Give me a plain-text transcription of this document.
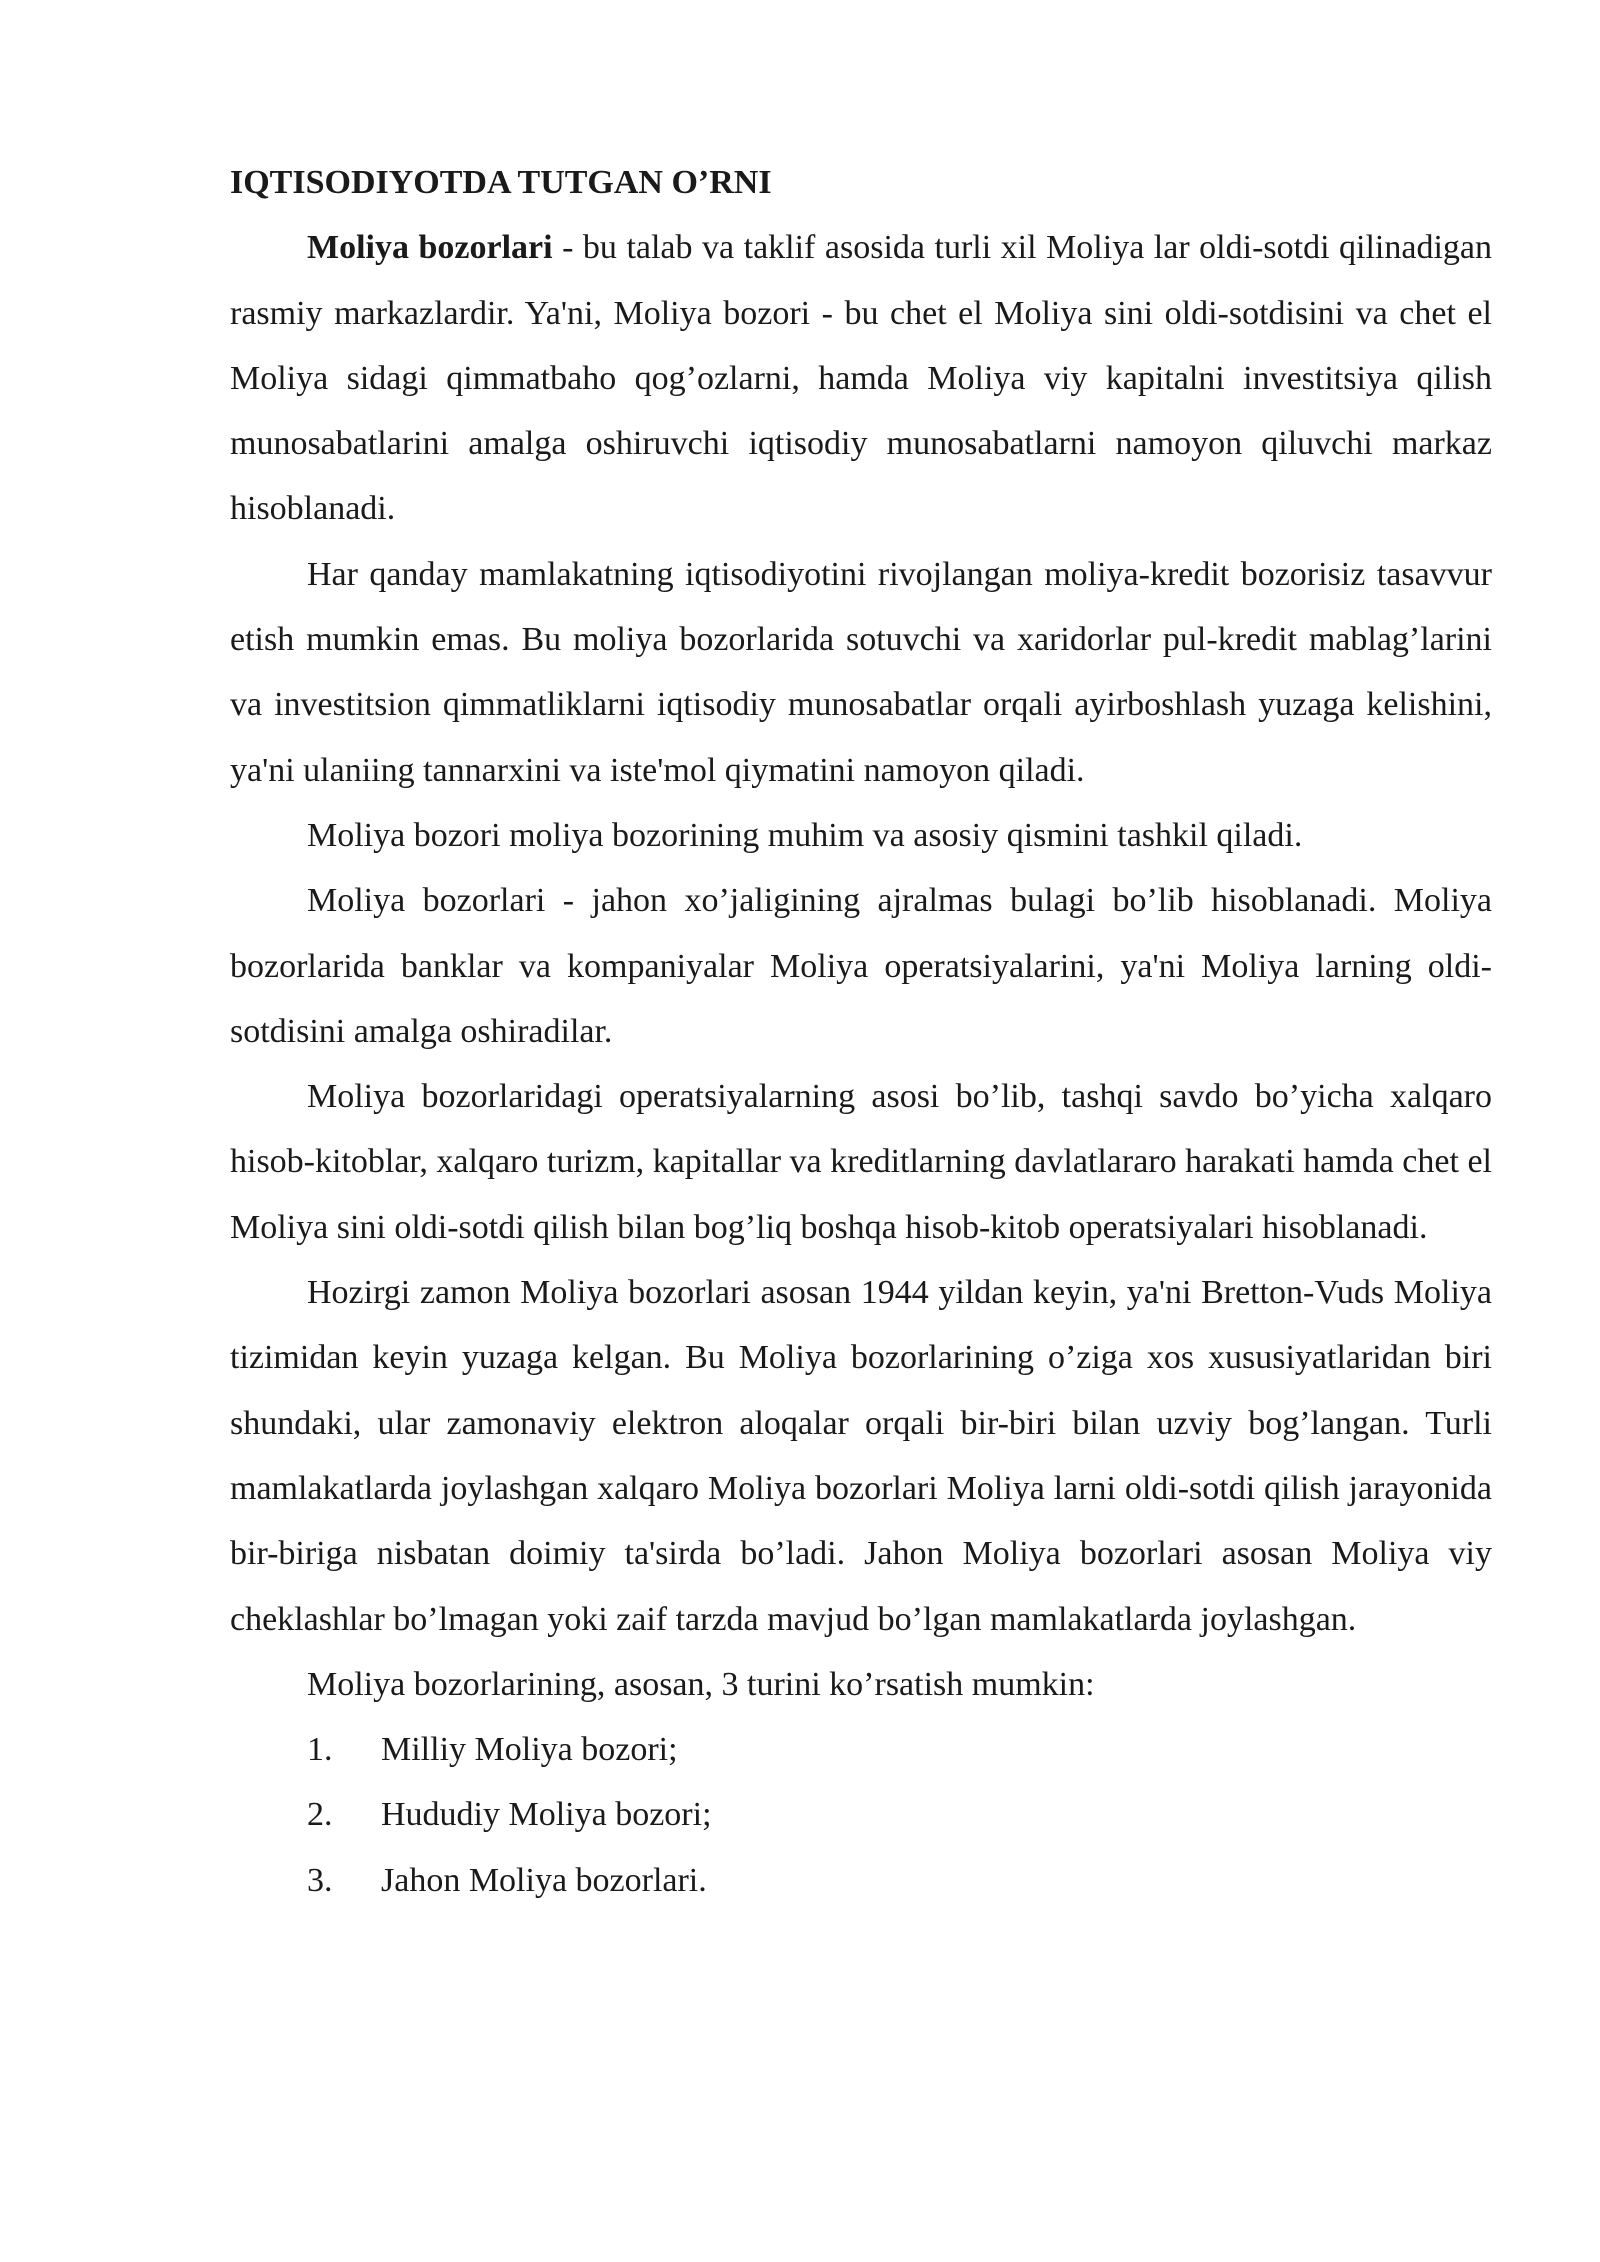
IQTISODIYOTDA TUTGAN O’RNI

Moliya bozorlari - bu talab va taklif asosida turli xil Moliya lar oldi-sotdi qilinadigan rasmiy markazlardir. Ya'ni, Moliya bozori - bu chet el Moliya sini oldi-sotdisini va chet el Moliya sidagi qimmatbaho qog’ozlarni, hamda Moliya viy kapitalni investitsiya qilish munosabatlarini amalga oshiruvchi iqtisodiy munosabatlarni namoyon qiluvchi markaz hisoblanadi.

Har qanday mamlakatning iqtisodiyotini rivojlangan moliya-kredit bozorisiz tasavvur etish mumkin emas. Bu moliya bozorlarida sotuvchi va xaridorlar pul-kredit mablag’larini va investitsion qimmatliklarni iqtisodiy munosabatlar orqali ayirboshlash yuzaga kelishini, ya'ni ulaniing tannarxini va iste'mol qiymatini namoyon qiladi.

Moliya bozori moliya bozorining muhim va asosiy qismini tashkil qiladi.

Moliya bozorlari - jahon xo’jaligining ajralmas bulagi bo’lib hisoblanadi. Moliya bozorlarida banklar va kompaniyalar Moliya operatsiyalarini, ya'ni Moliya larning oldi-sotdisini amalga oshiradilar.

Moliya bozorlaridagi operatsiyalarning asosi bo’lib, tashqi savdo bo’yicha xalqaro hisob-kitoblar, xalqaro turizm, kapitallar va kreditlarning davlatlararo harakati hamda chet el Moliya sini oldi-sotdi qilish bilan bog’liq boshqa hisob-kitob operatsiyalari hisoblanadi.

Hozirgi zamon Moliya bozorlari asosan 1944 yildan keyin, ya'ni Bretton-Vuds Moliya tizimidan keyin yuzaga kelgan. Bu Moliya bozorlarining o’ziga xos xususiyatlaridan biri shundaki, ular zamonaviy elektron aloqalar orqali bir-biri bilan uzviy bog’langan. Turli mamlakatlarda joylashgan xalqaro Moliya bozorlari Moliya larni oldi-sotdi qilish jarayonida bir-biriga nisbatan doimiy ta'sirda bo’ladi. Jahon Moliya bozorlari asosan Moliya viy cheklashlar bo’lmagan yoki zaif tarzda mavjud bo’lgan mamlakatlarda joylashgan.

Moliya bozorlarining, asosan, 3 turini ko’rsatish mumkin:

1. Milliy Moliya bozori;
2. Hududiy Moliya bozori;
3. Jahon Moliya bozorlari.
